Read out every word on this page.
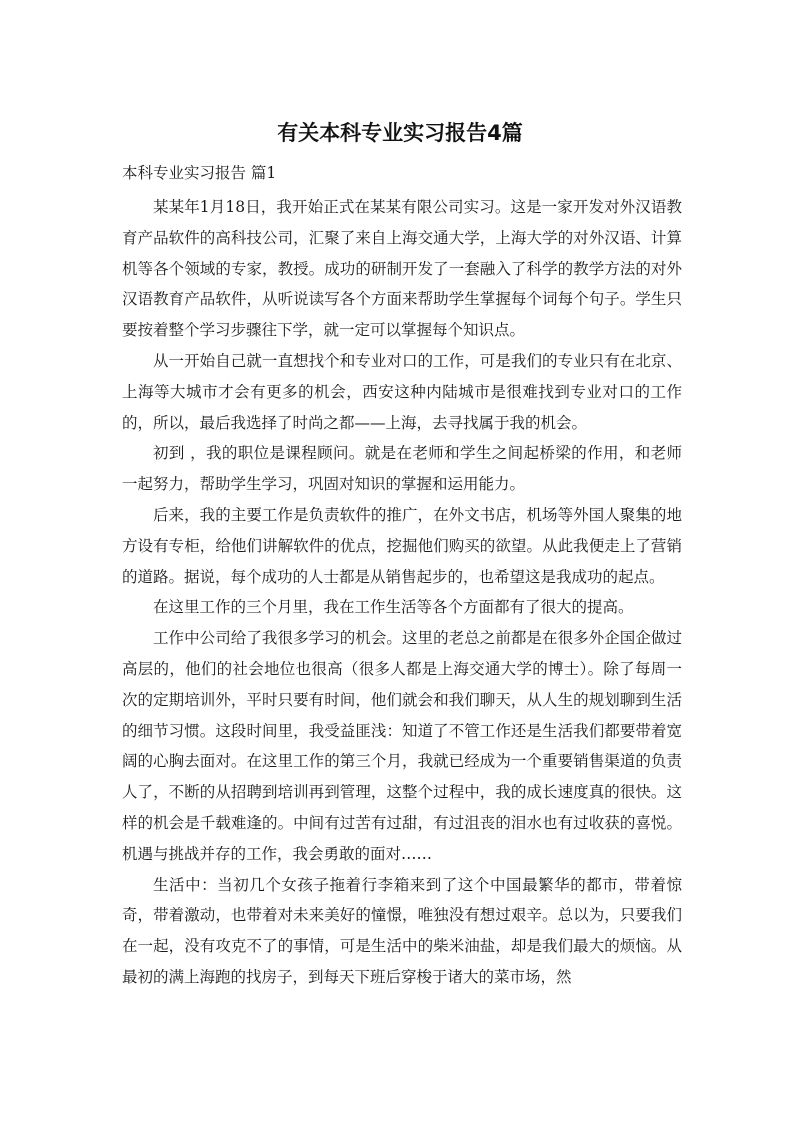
有关本科专业实习报告4篇
本科专业实习报告 篇1

某某年1月18日，我开始正式在某某有限公司实习。这是一家开发对外汉语教育产品软件的高科技公司，汇聚了来自上海交通大学，上海大学的对外汉语、计算机等各个领域的专家，教授。成功的研制开发了一套融入了科学的教学方法的对外汉语教育产品软件，从听说读写各个方面来帮助学生掌握每个词每个句子。学生只要按着整个学习步骤往下学，就一定可以掌握每个知识点。

从一开始自己就一直想找个和专业对口的工作，可是我们的专业只有在北京、上海等大城市才会有更多的机会，西安这种内陆城市是很难找到专业对口的工作的，所以，最后我选择了时尚之都——上海，去寻找属于我的机会。

初到 ，我的职位是课程顾问。就是在老师和学生之间起桥梁的作用，和老师一起努力，帮助学生学习，巩固对知识的掌握和运用能力。

后来，我的主要工作是负责软件的推广，在外文书店，机场等外国人聚集的地方设有专柜，给他们讲解软件的优点，挖掘他们购买的欲望。从此我便走上了营销的道路。据说，每个成功的人士都是从销售起步的，也希望这是我成功的起点。

在这里工作的三个月里，我在工作生活等各个方面都有了很大的提高。

工作中公司给了我很多学习的机会。这里的老总之前都是在很多外企国企做过高层的，他们的社会地位也很高（很多人都是上海交通大学的博士）。除了每周一次的定期培训外，平时只要有时间，他们就会和我们聊天，从人生的规划聊到生活的细节习惯。这段时间里，我受益匪浅：知道了不管工作还是生活我们都要带着宽阔的心胸去面对。在这里工作的第三个月，我就已经成为一个重要销售渠道的负责人了，不断的从招聘到培训再到管理，这整个过程中，我的成长速度真的很快。这样的机会是千载难逢的。中间有过苦有过甜，有过沮丧的泪水也有过收获的喜悦。机遇与挑战并存的工作，我会勇敢的面对……

生活中：当初几个女孩子拖着行李箱来到了这个中国最繁华的都市，带着惊奇，带着激动，也带着对未来美好的憧憬，唯独没有想过艰辛。总以为，只要我们在一起，没有攻克不了的事情，可是生活中的柴米油盐，却是我们最大的烦恼。从最初的满上海跑的找房子，到每天下班后穿梭于诸大的菜市场，然
